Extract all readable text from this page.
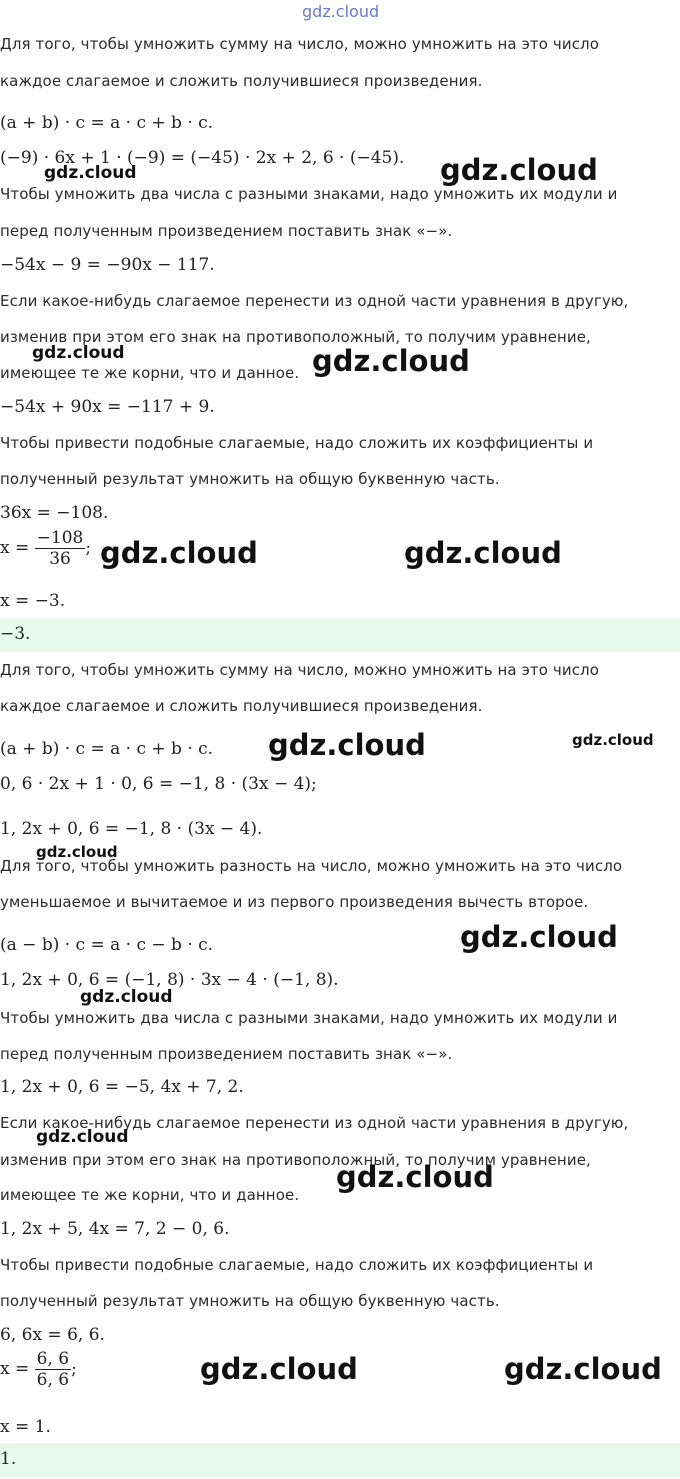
gdz.cloud
Для того, чтобы умножить сумму на число, можно умножить на это число
каждое слагаемое и сложить получившиеся произведения.
(a + b) · c = a · c + b · c.
(−9) · 6x + 1 · (−9) = (−45) · 2x + 2, 6 · (−45).
Чтобы умножить два числа с разными знаками, надо умножить их модули и
перед полученным произведением поставить знак «−».
−54x − 9 = −90x − 117.
Если какое-нибудь слагаемое перенести из одной части уравнения в другую,
изменив при этом его знак на противоположный, то получим уравнение,
имеющее те же корни, что и данное.
−54x + 90x = −117 + 9.
Чтобы привести подобные слагаемые, надо сложить их коэффициенты и
полученный результат умножить на общую буквенную часть.
36x = −108.
$x = \frac{-108}{36}$ ;
x = −3.
−3.
Для того, чтобы умножить сумму на число, можно умножить на это число
каждое слагаемое и сложить получившиеся произведения.
(a + b) · c = a · c + b · c.
0, 6 · 2x + 1 · 0, 6 = −1, 8 · (3x − 4);
1, 2x + 0, 6 = −1, 8 · (3x − 4).
Для того, чтобы умножить разность на число, можно умножить на это число
уменьшаемое и вычитаемое и из первого произведения вычесть второе.
(a − b) · c = a · c − b · c.
1, 2x + 0, 6 = (−1, 8) · 3x − 4 · (−1, 8).
Чтобы умножить два числа с разными знаками, надо умножить их модули и
перед полученным произведением поставить знак «−».
1, 2x + 0, 6 = −5, 4x + 7, 2.
Если какое-нибудь слагаемое перенести из одной части уравнения в другую,
изменив при этом его знак на противоположный, то получим уравнение,
имеющее те же корни, что и данное.
1, 2x + 5, 4x = 7, 2 − 0, 6.
Чтобы привести подобные слагаемые, надо сложить их коэффициенты и
полученный результат умножить на общую буквенную часть.
6, 6x = 6, 6.
$x = \frac{6, 6}{6, 6}$ ;
x = 1.
1.
gdz.cloud	gdz.cloud
gdz.cloud	gdz.cloud
gdz.cloud	gdz.cloud
gdz.cloud	gdz.cloud
gdz.cloud
gdz.cloud
gdz.cloud
gdz.cloud
gdz.cloud
gdz.cloud	gdz.cloud
